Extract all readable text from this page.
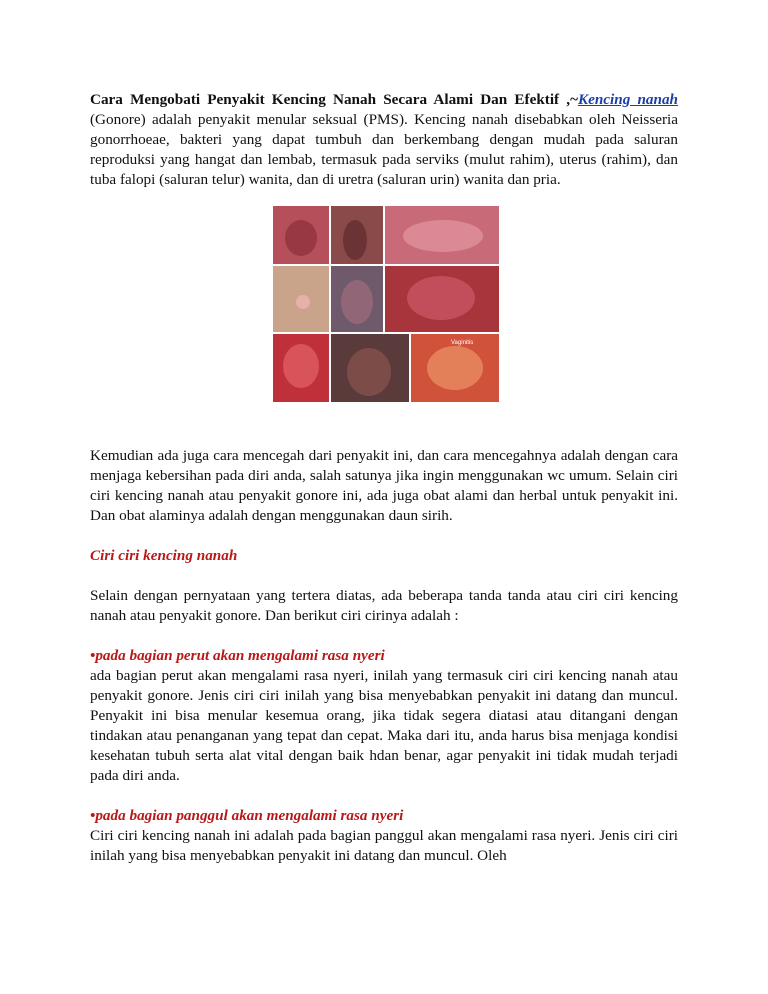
Cara Mengobati Penyakit Kencing Nanah Secara Alami Dan Efektif ,~Kencing nanah (Gonore) adalah penyakit menular seksual (PMS). Kencing nanah disebabkan oleh Neisseria gonorrhoeae, bakteri yang dapat tumbuh dan berkembang dengan mudah pada saluran reproduksi yang hangat dan lembab, termasuk pada serviks (mulut rahim), uterus (rahim), dan tuba falopi (saluran telur) wanita, dan di uretra (saluran urin) wanita dan pria.

Vaginitis

Kemudian ada juga cara mencegah dari penyakit ini, dan cara mencegahnya adalah dengan cara menjaga kebersihan pada diri anda, salah satunya jika ingin menggunakan wc umum. Selain ciri ciri kencing nanah atau penyakit gonore ini, ada juga obat alami dan herbal untuk penyakit ini. Dan obat alaminya adalah dengan menggunakan daun sirih.

Ciri ciri kencing nanah

Selain dengan pernyataan yang tertera diatas, ada beberapa tanda tanda atau ciri ciri kencing nanah atau penyakit gonore. Dan berikut ciri cirinya adalah :

•pada bagian perut akan mengalami rasa nyeri

ada bagian perut akan mengalami rasa nyeri, inilah yang termasuk ciri ciri kencing nanah atau penyakit gonore. Jenis ciri ciri inilah yang bisa menyebabkan penyakit ini datang dan muncul. Penyakit ini bisa menular kesemua orang, jika tidak segera diatasi atau ditangani dengan tindakan atau penanganan yang tepat dan cepat. Maka dari itu, anda harus bisa menjaga kondisi kesehatan tubuh serta alat vital dengan baik hdan benar, agar penyakit ini tidak mudah terjadi pada diri anda.

•pada bagian panggul akan mengalami rasa nyeri

Ciri ciri kencing nanah ini adalah pada bagian panggul akan mengalami rasa nyeri. Jenis ciri ciri inilah yang bisa menyebabkan penyakit ini datang dan muncul. Oleh
